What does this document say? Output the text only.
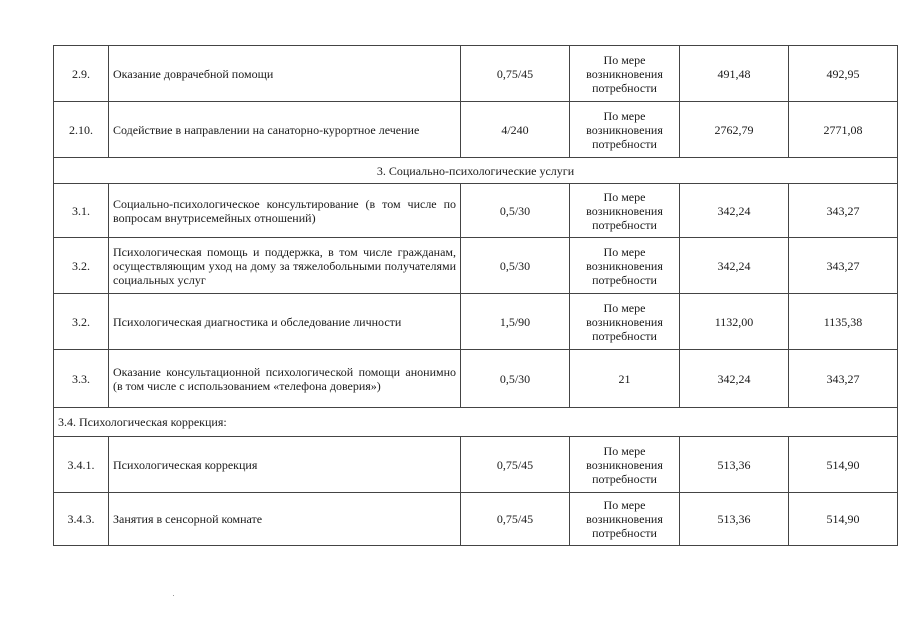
2.9.	Оказание доврачебной помощи	0,75/45	По мере возникновения потребности	491,48	492,95
2.10.	Содействие в направлении на санаторно-курортное лечение	4/240	По мере возникновения потребности	2762,79	2771,08
3. Социально-психологические услуги					
3.1.	Социально-психологическое консультирование (в том числе по вопросам внутрисемейных отношений)	0,5/30	По мере возникновения потребности	342,24	343,27
3.2.	Психологическая помощь и поддержка, в том числе гражданам, осуществляющим уход на дому за тяжелобольными получателями социальных услуг	0,5/30	По мере возникновения потребности	342,24	343,27
3.2.	Психологическая диагностика и обследование личности	1,5/90	По мере возникновения потребности	1132,00	1135,38
3.3.	Оказание консультационной психологической помощи анонимно (в том числе с использованием «телефона доверия»)	0,5/30	21	342,24	343,27
3.4. Психологическая коррекция:					
3.4.1.	Психологическая коррекция	0,75/45	По мере возникновения потребности	513,36	514,90
3.4.3.	Занятия в сенсорной комнате	0,75/45	По мере возникновения потребности	513,36	514,90
